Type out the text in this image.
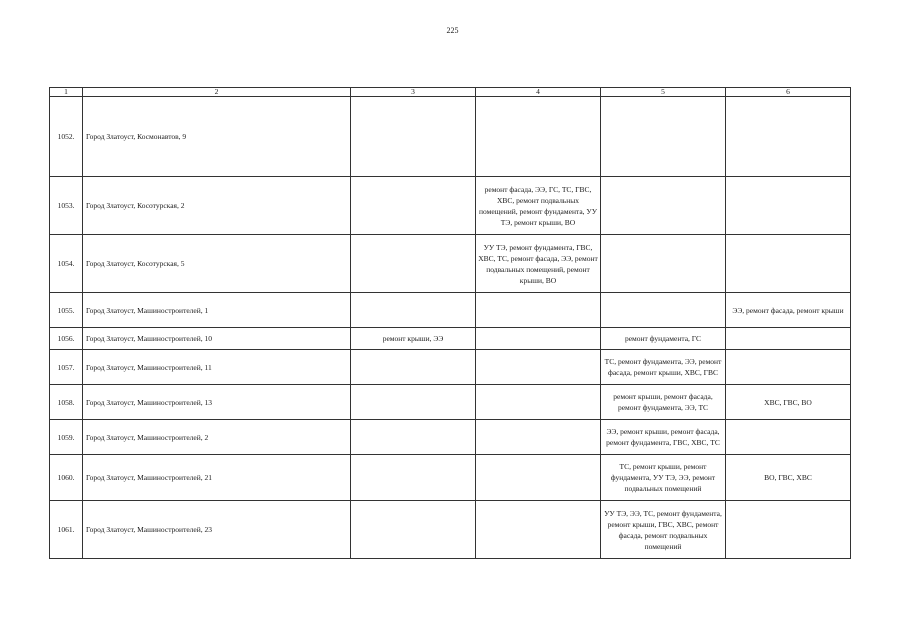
225
1	2	3	4	5	6
1052.	Город Златоуст, Космонавтов, 9				
1053.	Город Златоуст, Косотурская, 2		ремонт фасада, ЭЭ, ГС, ТС, ГВС, ХВС, ремонт подвальных помещений, ремонт фундамента, УУ ТЭ, ремонт крыши, ВО		
1054.	Город Златоуст, Косотурская, 5		УУ ТЭ, ремонт фундамента, ГВС, ХВС, ТС, ремонт фасада, ЭЭ, ремонт подвальных помещений, ремонт крыши, ВО		
1055.	Город Златоуст, Машиностроителей, 1				ЭЭ, ремонт фасада, ремонт крыши
1056.	Город Златоуст, Машиностроителей, 10	ремонт крыши, ЭЭ		ремонт фундамента, ГС	
1057.	Город Златоуст, Машиностроителей, 11			ТС, ремонт фундамента, ЭЭ, ремонт фасада, ремонт крыши, ХВС, ГВС	
1058.	Город Златоуст, Машиностроителей, 13			ремонт крыши, ремонт фасада, ремонт фундамента, ЭЭ, ТС	ХВС, ГВС, ВО
1059.	Город Златоуст, Машиностроителей, 2			ЭЭ, ремонт крыши, ремонт фасада, ремонт фундамента, ГВС, ХВС, ТС	
1060.	Город Златоуст, Машиностроителей, 21			ТС, ремонт крыши, ремонт фундамента, УУ ТЭ, ЭЭ, ремонт подвальных помещений	ВО, ГВС, ХВС
1061.	Город Златоуст, Машиностроителей, 23			УУ ТЭ, ЭЭ, ТС, ремонт фундамента, ремонт крыши, ГВС, ХВС, ремонт фасада, ремонт подвальных помещений	
